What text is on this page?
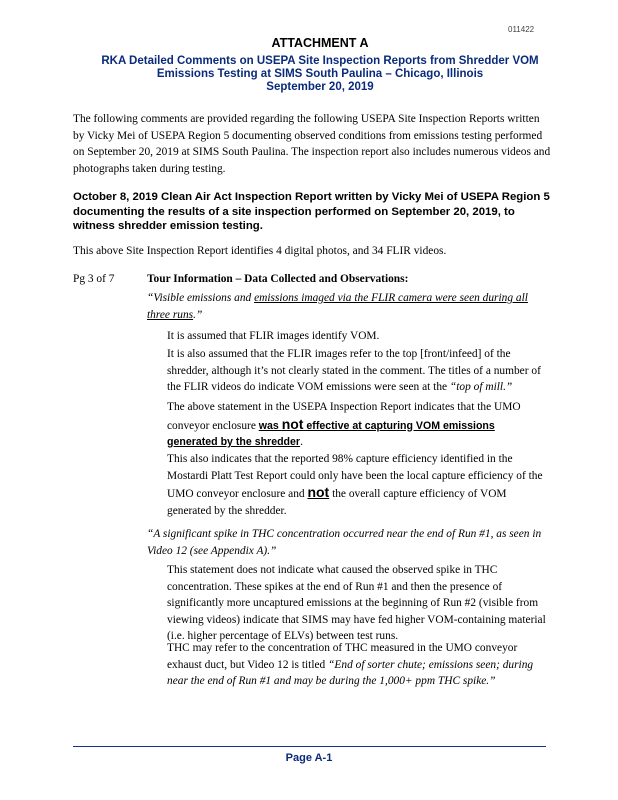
011422
ATTACHMENT A
RKA Detailed Comments on USEPA Site Inspection Reports from Shredder VOM
Emissions Testing at SIMS South Paulina – Chicago, Illinois
September 20, 2019
The following comments are provided regarding the following USEPA Site Inspection Reports written by Vicky Mei of USEPA Region 5 documenting observed conditions from emissions testing performed on September 20, 2019 at SIMS South Paulina. The inspection report also includes numerous videos and photographs taken during testing.
October 8, 2019 Clean Air Act Inspection Report written by Vicky Mei of USEPA Region 5 documenting the results of a site inspection performed on September 20, 2019, to witness shredder emission testing.
This above Site Inspection Report identifies 4 digital photos, and 34 FLIR videos.
Pg 3 of 7	Tour Information – Data Collected and Observations:
“Visible emissions and emissions imaged via the FLIR camera were seen during all three runs.”
It is assumed that FLIR images identify VOM.
It is also assumed that the FLIR images refer to the top [front/infeed] of the shredder, although it’s not clearly stated in the comment. The titles of a number of the FLIR videos do indicate VOM emissions were seen at the “top of mill.”
The above statement in the USEPA Inspection Report indicates that the UMO conveyor enclosure was not effective at capturing VOM emissions generated by the shredder.
This also indicates that the reported 98% capture efficiency identified in the Mostardi Platt Test Report could only have been the local capture efficiency of the UMO conveyor enclosure and not the overall capture efficiency of VOM generated by the shredder.
“A significant spike in THC concentration occurred near the end of Run #1, as seen in Video 12 (see Appendix A).”
This statement does not indicate what caused the observed spike in THC concentration. These spikes at the end of Run #1 and then the presence of significantly more uncaptured emissions at the beginning of Run #2 (visible from viewing videos) indicate that SIMS may have fed higher VOM-containing material (i.e. higher percentage of ELVs) between test runs.
THC may refer to the concentration of THC measured in the UMO conveyor exhaust duct, but Video 12 is titled “End of sorter chute; emissions seen; during near the end of Run #1 and may be during the 1,000+ ppm THC spike.”
Page A-1
